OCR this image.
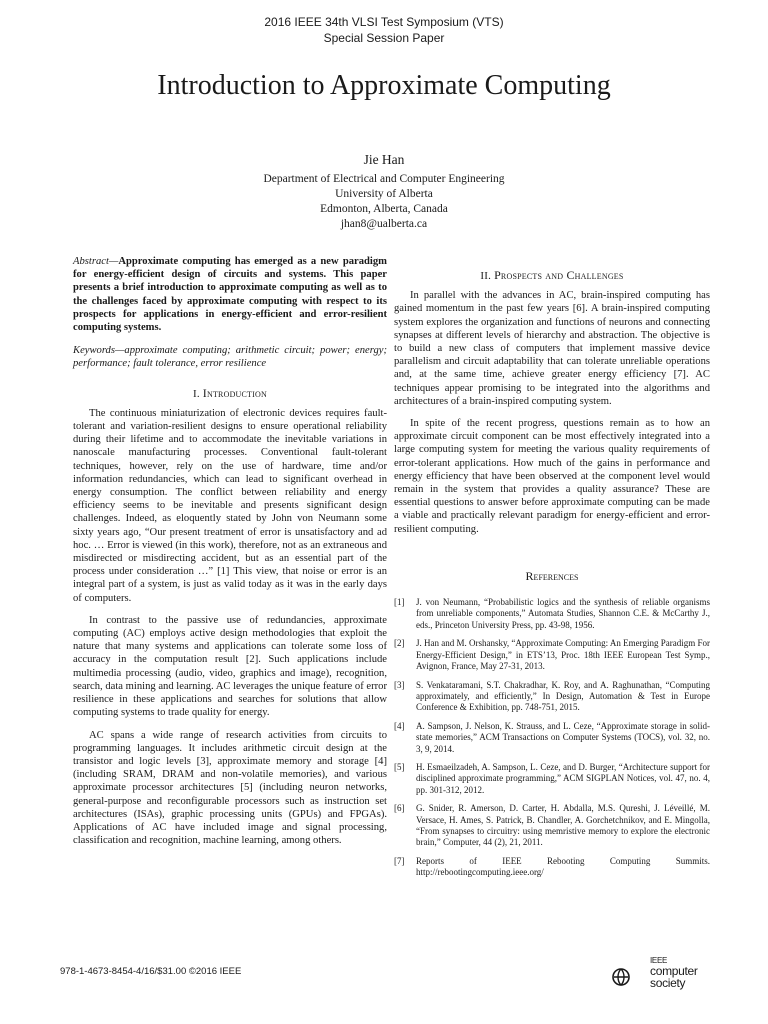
2016 IEEE 34th VLSI Test Symposium (VTS)
Special Session Paper
Introduction to Approximate Computing
Jie Han
Department of Electrical and Computer Engineering
University of Alberta
Edmonton, Alberta, Canada
jhan8@ualberta.ca
Abstract—Approximate computing has emerged as a new paradigm for energy-efficient design of circuits and systems. This paper presents a brief introduction to approximate computing as well as to the challenges faced by approximate computing with respect to its prospects for applications in energy-efficient and error-resilient computing systems.
Keywords—approximate computing; arithmetic circuit; power; energy; performance; fault tolerance, error resilience
I. Introduction

The continuous miniaturization of electronic devices requires fault-tolerant and variation-resilient designs to ensure operational reliability during their lifetime and to accommodate the inevitable variations in nanoscale manufacturing processes. Conventional fault-tolerant techniques, however, rely on the use of hardware, time and/or information redundancies, which can lead to significant overhead in energy consumption. The conflict between reliability and energy efficiency seems to be inevitable and presents significant design challenges. Indeed, as eloquently stated by John von Neumann some sixty years ago, “Our present treatment of error is unsatisfactory and ad hoc. … Error is viewed (in this work), therefore, not as an extraneous and misdirected or misdirecting accident, but as an essential part of the process under consideration …” [1] This view, that noise or error is an integral part of a system, is just as valid today as it was in the early days of computers.

In contrast to the passive use of redundancies, approximate computing (AC) employs active design methodologies that exploit the nature that many systems and applications can tolerate some loss of accuracy in the computation result [2]. Such applications include multimedia processing (audio, video, graphics and image), recognition, search, data mining and learning. AC leverages the unique feature of error resilience in these applications and searches for solutions that allow computing systems to trade quality for energy.

AC spans a wide range of research activities from circuits to programming languages. It includes arithmetic circuit design at the transistor and logic levels [3], approximate memory and storage [4] (including SRAM, DRAM and non-volatile memories), and various approximate processor architectures [5] (including neuron networks, general-purpose and reconfigurable processors such as instruction set architectures (ISAs), graphic processing units (GPUs) and FPGAs). Applications of AC have included image and signal processing, classification and recognition, machine learning, among others.

II. Prospects and Challenges

In parallel with the advances in AC, brain-inspired computing has gained momentum in the past few years [6]. A brain-inspired computing system explores the organization and functions of neurons and connecting synapses at different levels of hierarchy and abstraction. The objective is to build a new class of computers that implement massive device parallelism and circuit adaptability that can tolerate unreliable operations and, at the same time, achieve greater energy efficiency [7]. AC techniques appear promising to be integrated into the algorithms and architectures of a brain-inspired computing system.

In spite of the recent progress, questions remain as to how an approximate circuit component can be most effectively integrated into a large computing system for meeting the various quality requirements of error-tolerant applications. How much of the gains in performance and energy efficiency that have been observed at the component level would remain in the system that provides a quality assurance? These are essential questions to answer before approximate computing can be made a viable and practically relevant paradigm for energy-efficient and error-resilient computing.

References
[1]	J. von Neumann, “Probabilistic logics and the synthesis of reliable organisms from unreliable components,” Automata Studies, Shannon C.E. & McCarthy J., eds., Princeton University Press, pp. 43-98, 1956.
[2]	J. Han and M. Orshansky, “Approximate Computing: An Emerging Paradigm For Energy-Efficient Design,” in ETS’13, Proc. 18th IEEE European Test Symp., Avignon, France, May 27-31, 2013.
[3]	S. Venkataramani, S.T. Chakradhar, K. Roy, and A. Raghunathan, “Computing approximately, and efficiently,” In Design, Automation & Test in Europe Conference & Exhibition, pp. 748-751, 2015.
[4]	A. Sampson, J. Nelson, K. Strauss, and L. Ceze, “Approximate storage in solid-state memories,” ACM Transactions on Computer Systems (TOCS), vol. 32, no. 3, 9, 2014.
[5]	H. Esmaeilzadeh, A. Sampson, L. Ceze, and D. Burger, “Architecture support for disciplined approximate programming,” ACM SIGPLAN Notices, vol. 47, no. 4, pp. 301-312, 2012.
[6]	G. Snider, R. Amerson, D. Carter, H. Abdalla, M.S. Qureshi, J. Léveillé, M. Versace, H. Ames, S. Patrick, B. Chandler, A. Gorchetchnikov, and E. Mingolla, “From synapses to circuitry: using memristive memory to explore the electronic brain,” Computer, 44 (2), 21, 2011.
[7]	Reports of IEEE Rebooting Computing Summits. http://rebootingcomputing.ieee.org/
978-1-4673-8454-4/16/$31.00 ©2016 IEEE
IEEE
computer
society
